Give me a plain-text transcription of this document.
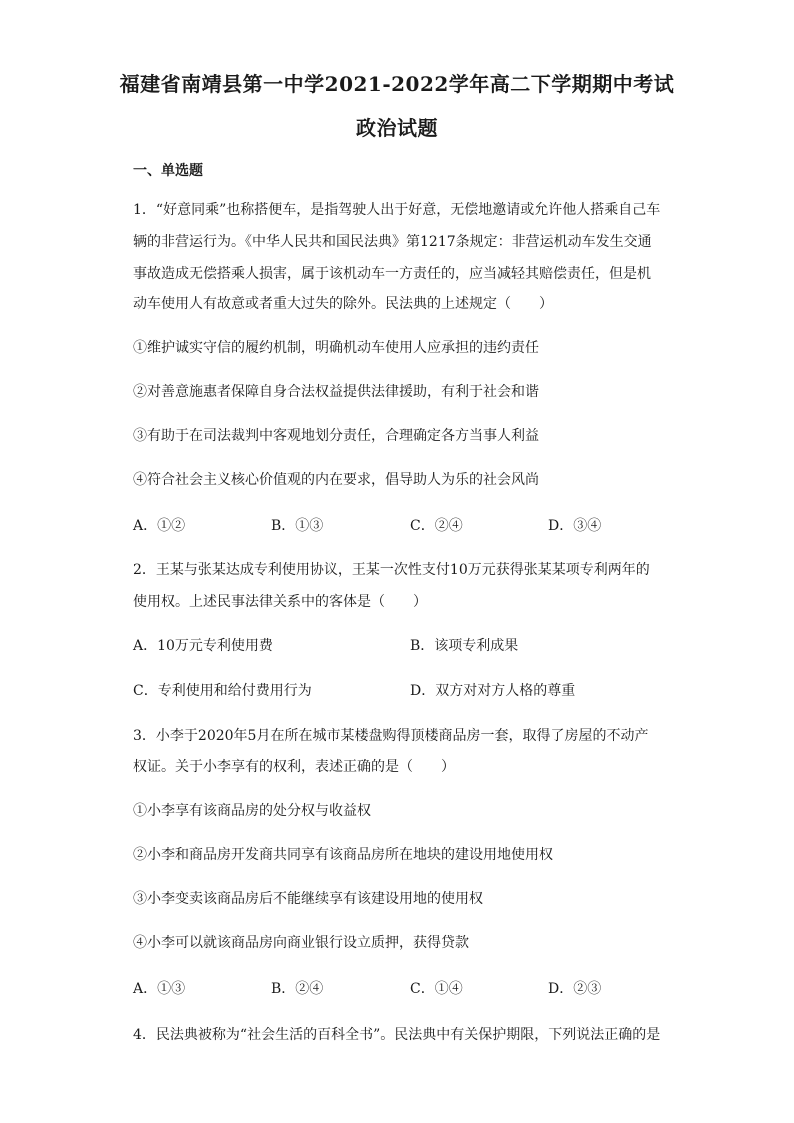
福建省南靖县第一中学2021-2022学年高二下学期期中考试
政治试题
一、单选题
1．“好意同乘”也称搭便车，是指驾驶人出于好意，无偿地邀请或允许他人搭乘自己车
辆的非营运行为。《中华人民共和国民法典》第1217条规定：非营运机动车发生交通
事故造成无偿搭乘人损害，属于该机动车一方责任的，应当减轻其赔偿责任，但是机
动车使用人有故意或者重大过失的除外。民法典的上述规定（　　）
①维护诚实守信的履约机制，明确机动车使用人应承担的违约责任
②对善意施惠者保障自身合法权益提供法律援助，有利于社会和谐
③有助于在司法裁判中客观地划分责任，合理确定各方当事人利益
④符合社会主义核心价值观的内在要求，倡导助人为乐的社会风尚
A．①②	B．①③	C．②④	D．③④
2．王某与张某达成专利使用协议，王某一次性支付10万元获得张某某项专利两年的
使用权。上述民事法律关系中的客体是（　　）
A．10万元专利使用费	B．该项专利成果
C．专利使用和给付费用行为	D．双方对对方人格的尊重
3．小李于2020年5月在所在城市某楼盘购得顶楼商品房一套，取得了房屋的不动产
权证。关于小李享有的权利，表述正确的是（　　）
①小李享有该商品房的处分权与收益权
②小李和商品房开发商共同享有该商品房所在地块的建设用地使用权
③小李变卖该商品房后不能继续享有该建设用地的使用权
④小李可以就该商品房向商业银行设立质押，获得贷款
A．①③	B．②④	C．①④	D．②③
4．民法典被称为“社会生活的百科全书”。民法典中有关保护期限，下列说法正确的是
